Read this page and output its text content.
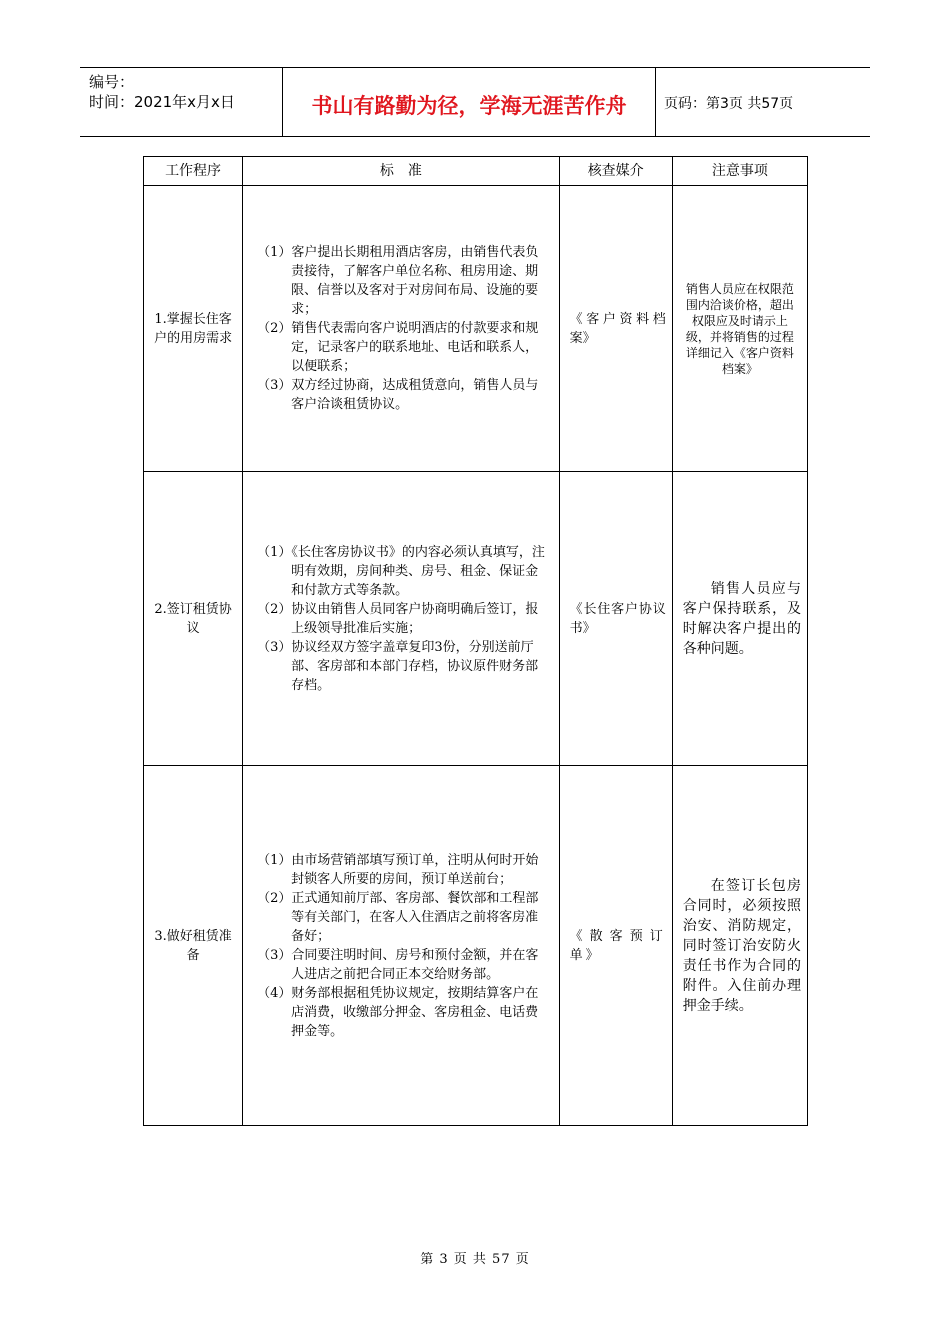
编号：
时间：2021年x月x日	书山有路勤为径，学海无涯苦作舟	页码：第3页 共57页
工作程序	标　准	核查媒介	注意事项
1.掌握长住客户的用房需求	（1）客户提出长期租用酒店客房，由销售代表负责接待，了解客户单位名称、租房用途、期限、信誉以及客对于对房间布局、设施的要求；
（2）销售代表需向客户说明酒店的付款要求和规定，记录客户的联系地址、电话和联系人，以便联系；
（3）双方经过协商，达成租赁意向，销售人员与客户洽谈租赁协议。	《客户资料档案》	销售人员应在权限范围内洽谈价格，超出权限应及时请示上级，并将销售的过程详细记入《客户资料档案》
2.签订租赁协议	（1）《长住客房协议书》的内容必须认真填写，注明有效期，房间种类、房号、租金、保证金和付款方式等条款。
（2）协议由销售人员同客户协商明确后签订，报上级领导批准后实施；
（3）协议经双方签字盖章复印3份，分别送前厅部、客房部和本部门存档，协议原件财务部存档。	《长住客户协议书》	销售人员应与客户保持联系，及时解决客户提出的各种问题。
3.做好租赁准备	（1）由市场营销部填写预订单，注明从何时开始封锁客人所要的房间，预订单送前台；
（2）正式通知前厅部、客房部、餐饮部和工程部等有关部门，在客人入住酒店之前将客房准备好；
（3）合同要注明时间、房号和预付金额，并在客人进店之前把合同正本交给财务部。
（4）财务部根据租凭协议规定，按期结算客户在店消费，收缴部分押金、客房租金、电话费押金等。	《散客预订单》	在签订长包房合同时，必须按照治安、消防规定，同时签订治安防火责任书作为合同的附件。入住前办理押金手续。
第 3 页 共 57 页
